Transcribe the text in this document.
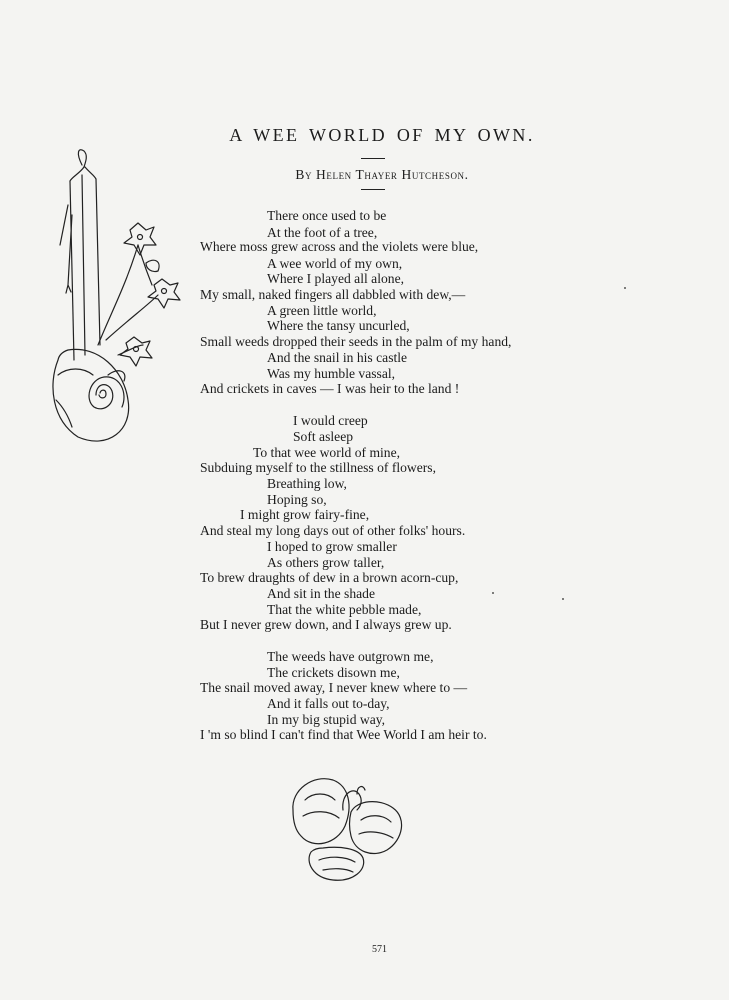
A WEE WORLD OF MY OWN.
By Helen Thayer Hutcheson.
There once used to be
At the foot of a tree,
Where moss grew across and the violets were blue,
A wee world of my own,
Where I played all alone,
My small, naked fingers all dabbled with dew,—
A green little world,
Where the tansy uncurled,
Small weeds dropped their seeds in the palm of my hand,
And the snail in his castle
Was my humble vassal,
And crickets in caves — I was heir to the land !
I would creep
Soft asleep
To that wee world of mine,
Subduing myself to the stillness of flowers,
Breathing low,
Hoping so,
I might grow fairy-fine,
And steal my long days out of other folks' hours.
I hoped to grow smaller
As others grow taller,
To brew draughts of dew in a brown acorn-cup,
And sit in the shade
That the white pebble made,
But I never grew down, and I always grew up.
The weeds have outgrown me,
The crickets disown me,
The snail moved away, I never knew where to —
And it falls out to-day,
In my big stupid way,
I 'm so blind I can't find that Wee World I am heir to.
571
